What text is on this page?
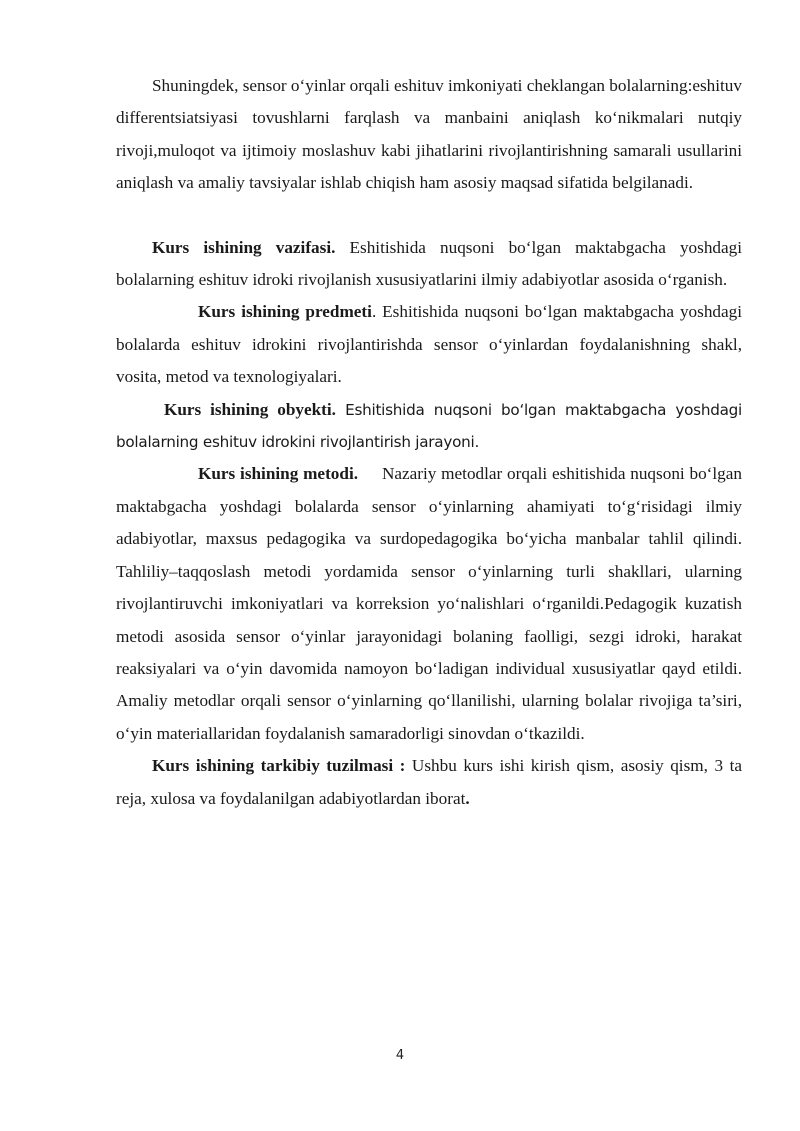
Shuningdek, sensor o‘yinlar orqali eshituv imkoniyati cheklangan bolalarning:eshituv differentsiatsiyasi tovushlarni farqlash va manbaini aniqlash ko‘nikmalari nutqiy rivoji,muloqot va ijtimoiy moslashuv kabi jihatlarini rivojlantirishning samarali usullarini aniqlash va amaliy tavsiyalar ishlab chiqish ham asosiy maqsad sifatida belgilanadi.

Kurs ishining vazifasi. Eshitishida nuqsoni bo‘lgan maktabgacha yoshdagi bolalarning eshituv idroki rivojlanish xususiyatlarini ilmiy adabiyotlar asosida o‘rganish.

Kurs ishining predmeti. Eshitishida nuqsoni bo‘lgan maktabgacha yoshdagi bolalarda eshituv idrokini rivojlantirishda sensor o‘yinlardan foydalanishning shakl, vosita, metod va texnologiyalari.

Kurs ishining obyekti. Eshitishida nuqsoni bo‘lgan maktabgacha yoshdagi bolalarning eshituv idrokini rivojlantirish jarayoni.

Kurs ishining metodi.     Nazariy metodlar orqali eshitishida nuqsoni bo‘lgan maktabgacha yoshdagi bolalarda sensor o‘yinlarning ahamiyati to‘g‘risidagi ilmiy adabiyotlar, maxsus pedagogika va surdopedagogika bo‘yicha manbalar tahlil qilindi. Tahliliy–taqqoslash metodi yordamida sensor o‘yinlarning turli shakllari, ularning rivojlantiruvchi imkoniyatlari va korreksion yo‘nalishlari o‘rganildi.Pedagogik kuzatish metodi asosida sensor o‘yinlar jarayonidagi bolaning faolligi, sezgi idroki, harakat reaksiyalari va o‘yin davomida namoyon bo‘ladigan individual xususiyatlar qayd etildi. Amaliy metodlar orqali sensor o‘yinlarning qo‘llanilishi, ularning bolalar rivojiga ta’siri, o‘yin materiallaridan foydalanish samaradorligi sinovdan o‘tkazildi.

Kurs ishining tarkibiy tuzilmasi : Ushbu kurs ishi kirish qism, asosiy qism, 3 ta reja, xulosa va foydalanilgan adabiyotlardan iborat.

4
